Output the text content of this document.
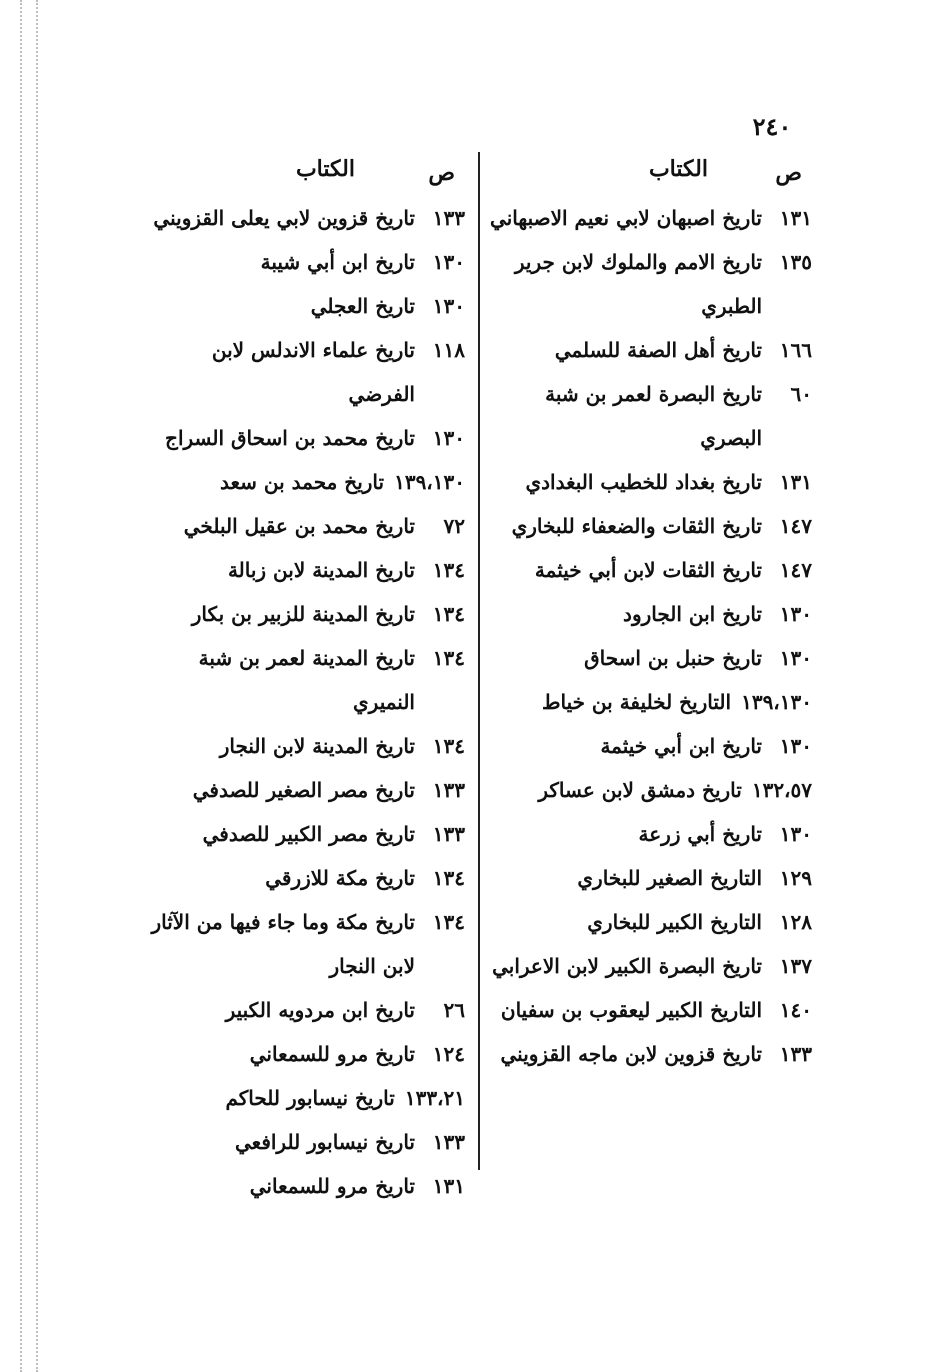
٢٤٠
ص
الكتاب
١٣١
تاريخ اصبهان لابي نعيم الاصبهاني
١٣٥
تاريخ الامم والملوك لابن جرير الطبري
١٦٦
تاريخ أهل الصفة للسلمي
٦٠
تاريخ البصرة لعمر بن شبة البصري
١٣١
تاريخ بغداد للخطيب البغدادي
١٤٧
تاريخ الثقات والضعفاء للبخاري
١٤٧
تاريخ الثقات لابن أبي خيثمة
١٣٠
تاريخ ابن الجارود
١٣٠
تاريخ حنبل بن اسحاق
١٣٩،١٣٠
التاريخ لخليفة بن خياط
١٣٠
تاريخ ابن أبي خيثمة
١٣٢،٥٧
تاريخ دمشق لابن عساكر
١٣٠
تاريخ أبي زرعة
١٢٩
التاريخ الصغير للبخاري
١٢٨
التاريخ الكبير للبخاري
١٣٧
تاريخ البصرة الكبير لابن الاعرابي
١٤٠
التاريخ الكبير ليعقوب بن سفيان
١٣٣
تاريخ قزوين لابن ماجه القزويني
ص
الكتاب
١٣٣
تاريخ قزوين لابي يعلى القزويني
١٣٠
تاريخ ابن أبي شيبة
١٣٠
تاريخ العجلي
١١٨
تاريخ علماء الاندلس لابن الفرضي
١٣٠
تاريخ محمد بن اسحاق السراج
١٣٩،١٣٠
تاريخ محمد بن سعد
٧٢
تاريخ محمد بن عقيل البلخي
١٣٤
تاريخ المدينة لابن زبالة
١٣٤
تاريخ المدينة للزبير بن بكار
١٣٤
تاريخ المدينة لعمر بن شبة النميري
١٣٤
تاريخ المدينة لابن النجار
١٣٣
تاريخ مصر الصغير للصدفي
١٣٣
تاريخ مصر الكبير للصدفي
١٣٤
تاريخ مكة للازرقي
١٣٤
تاريخ مكة وما جاء فيها من الآثار لابن النجار
٢٦
تاريخ ابن مردويه الكبير
١٢٤
تاريخ مرو للسمعاني
١٣٣،٢١
تاريخ نيسابور للحاكم
١٣٣
تاريخ نيسابور للرافعي
١٣١
تاريخ مرو للسمعاني
